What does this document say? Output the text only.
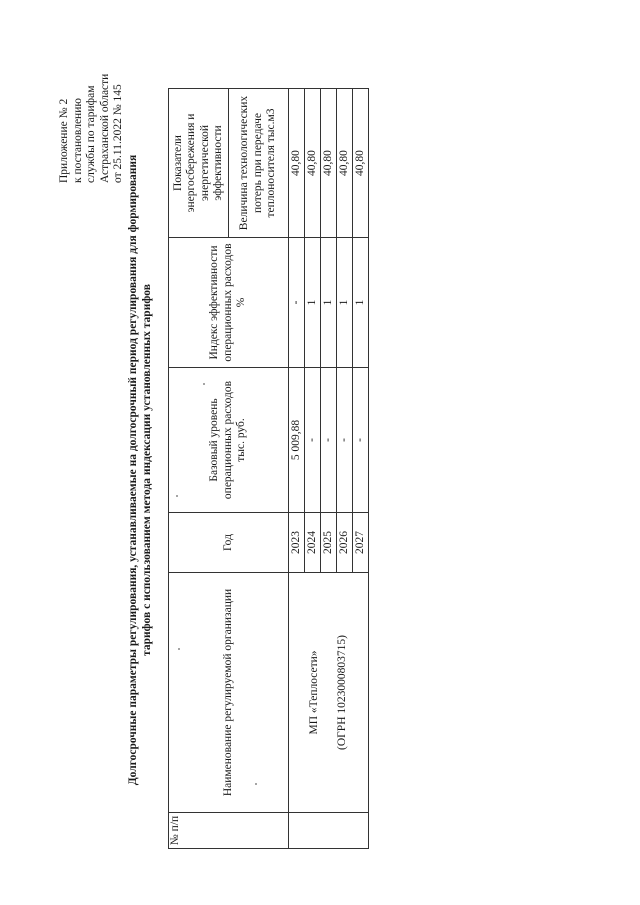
Приложение № 2 к постановлению службы по тарифам Астраханской области от 25.11.2022 № 145
Долгосрочные параметры регулирования, устанавливаемые на долгосрочный период регулирования для формирования тарифов с использованием метода индексации установленных тарифов
№ п/п	Наименование регулируемой организации	Год	Базовый уровень операционных расходов тыс. руб.	Индекс эффективности операционных расходов %	Показатели энергосбережения и энергетической эффективности

					Величина технологических потерь при передаче теплоносителя тыс.м3

	МП «Теплосети» (ОГРН 1023000803715)	2023	5 009,88	-	40,80
		2024	-	1	40,80
		2025	-	1	40,80
		2026	-	1	40,80
		2027	-	1	40,80
